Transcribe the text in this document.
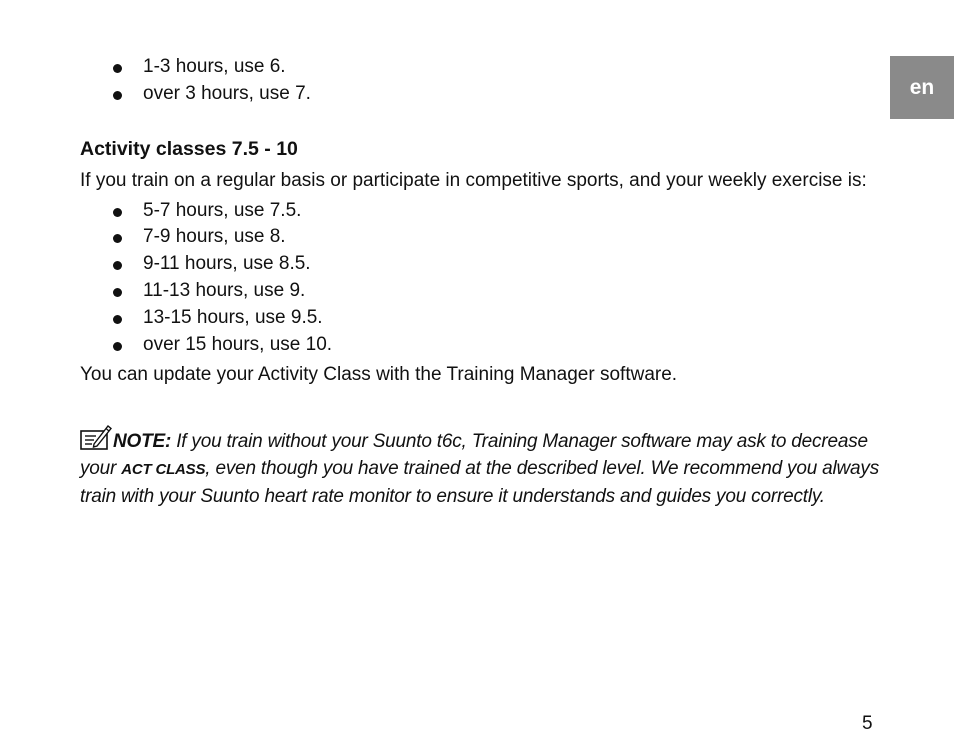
en
1-3 hours, use 6.
over 3 hours, use 7.
Activity classes 7.5 - 10
If you train on a regular basis or participate in competitive sports, and your weekly exercise is:
5-7 hours, use 7.5.
7-9 hours, use 8.
9-11 hours, use 8.5.
11-13 hours, use 9.
13-15 hours, use 9.5.
over 15 hours, use 10.
You can update your Activity Class with the Training Manager software.
NOTE: If you train without your Suunto t6c, Training Manager software may ask to decrease your ACT CLASS, even though you have trained at the described level. We recommend you always train with your Suunto heart rate monitor to ensure it understands and guides you correctly.
5
